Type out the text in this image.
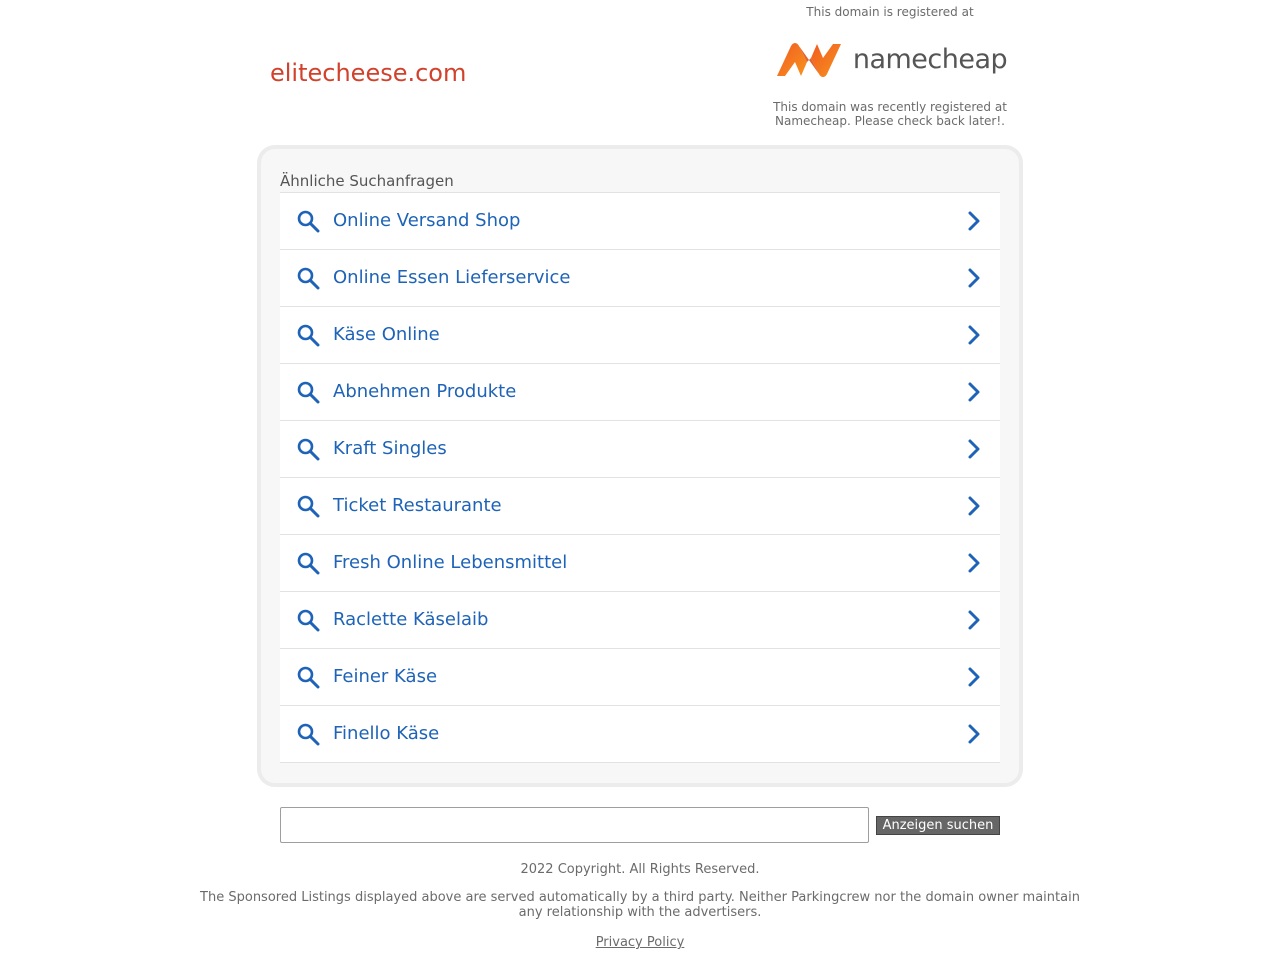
elitecheese.com
This domain is registered at
namecheap
This domain was recently registered at Namecheap. Please check back later!.
Ähnliche Suchanfragen
Online Versand Shop
Online Essen Lieferservice
Käse Online
Abnehmen Produkte
Kraft Singles
Ticket Restaurante
Fresh Online Lebensmittel
Raclette Käselaib
Feiner Käse
Finello Käse
Anzeigen suchen
2022 Copyright. All Rights Reserved.
The Sponsored Listings displayed above are served automatically by a third party. Neither Parkingcrew nor the domain owner maintain any relationship with the advertisers.
Privacy Policy
